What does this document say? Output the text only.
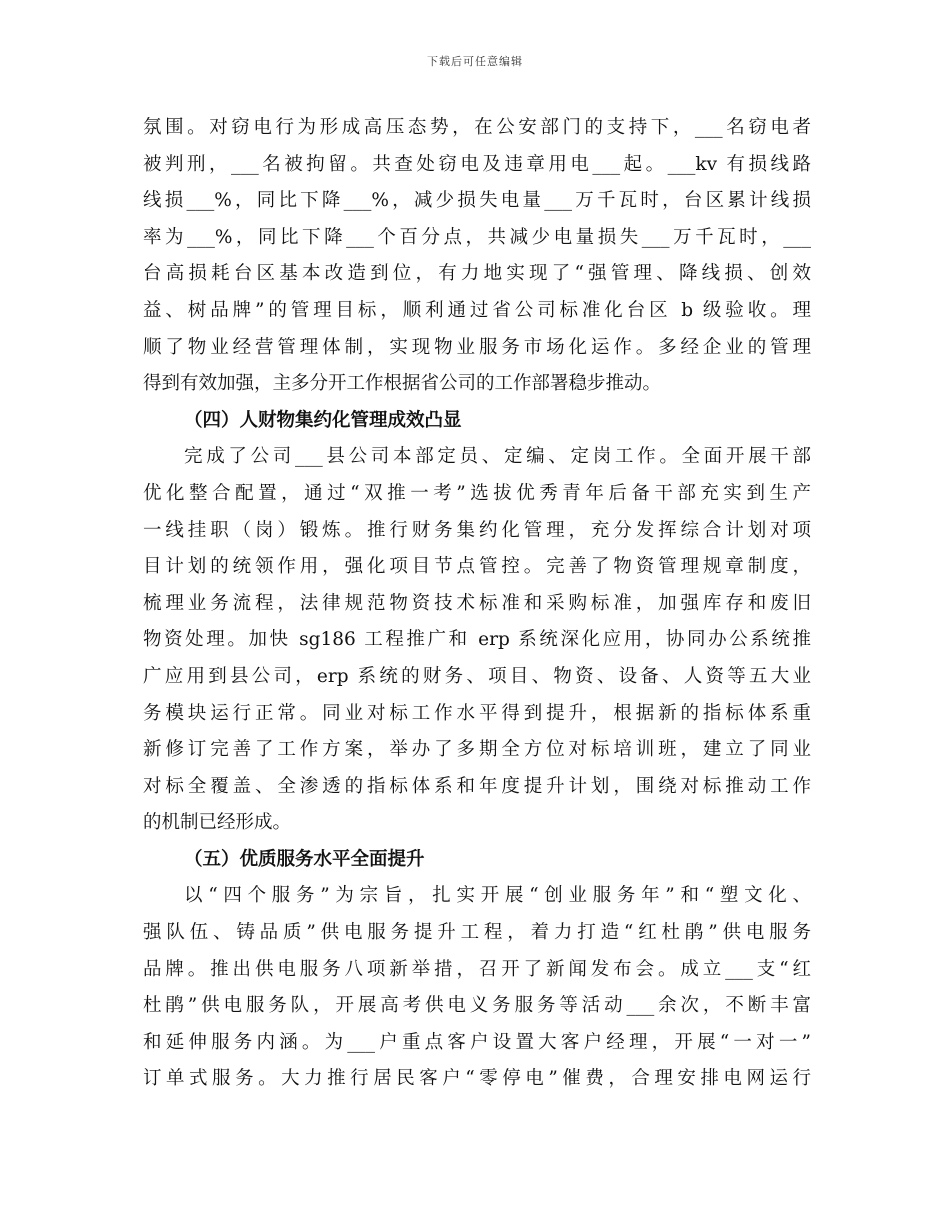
下载后可任意编辑
氛围。对窃电行为形成高压态势，在公安部门的支持下，___名窃电者
被判刑，___名被拘留。共查处窃电及违章用电___起。___kv 有损线路
线损___%，同比下降___%，减少损失电量___万千瓦时，台区累计线损
率为___%，同比下降___个百分点，共减少电量损失___万千瓦时，___
台高损耗台区基本改造到位，有力地实现了“强管理、降线损、创效
益、树品牌”的管理目标，顺利通过省公司标准化台区 b 级验收。理
顺了物业经营管理体制，实现物业服务市场化运作。多经企业的管理
得到有效加强，主多分开工作根据省公司的工作部署稳步推动。
（四）人财物集约化管理成效凸显
完成了公司___县公司本部定员、定编、定岗工作。全面开展干部
优化整合配置，通过“双推一考”选拔优秀青年后备干部充实到生产
一线挂职（岗）锻炼。推行财务集约化管理，充分发挥综合计划对项
目计划的统领作用，强化项目节点管控。完善了物资管理规章制度，
梳理业务流程，法律规范物资技术标准和采购标准，加强库存和废旧
物资处理。加快 sg186 工程推广和 erp 系统深化应用，协同办公系统推
广应用到县公司，erp 系统的财务、项目、物资、设备、人资等五大业
务模块运行正常。同业对标工作水平得到提升，根据新的指标体系重
新修订完善了工作方案，举办了多期全方位对标培训班，建立了同业
对标全覆盖、全渗透的指标体系和年度提升计划，围绕对标推动工作
的机制已经形成。
（五）优质服务水平全面提升
以“四个服务”为宗旨，扎实开展“创业服务年”和“塑文化、
强队伍、铸品质”供电服务提升工程，着力打造“红杜鹃”供电服务
品牌。推出供电服务八项新举措，召开了新闻发布会。成立___支“红
杜鹃”供电服务队，开展高考供电义务服务等活动___余次，不断丰富
和延伸服务内涵。为___户重点客户设置大客户经理，开展“一对一”
订单式服务。大力推行居民客户“零停电”催费，合理安排电网运行
